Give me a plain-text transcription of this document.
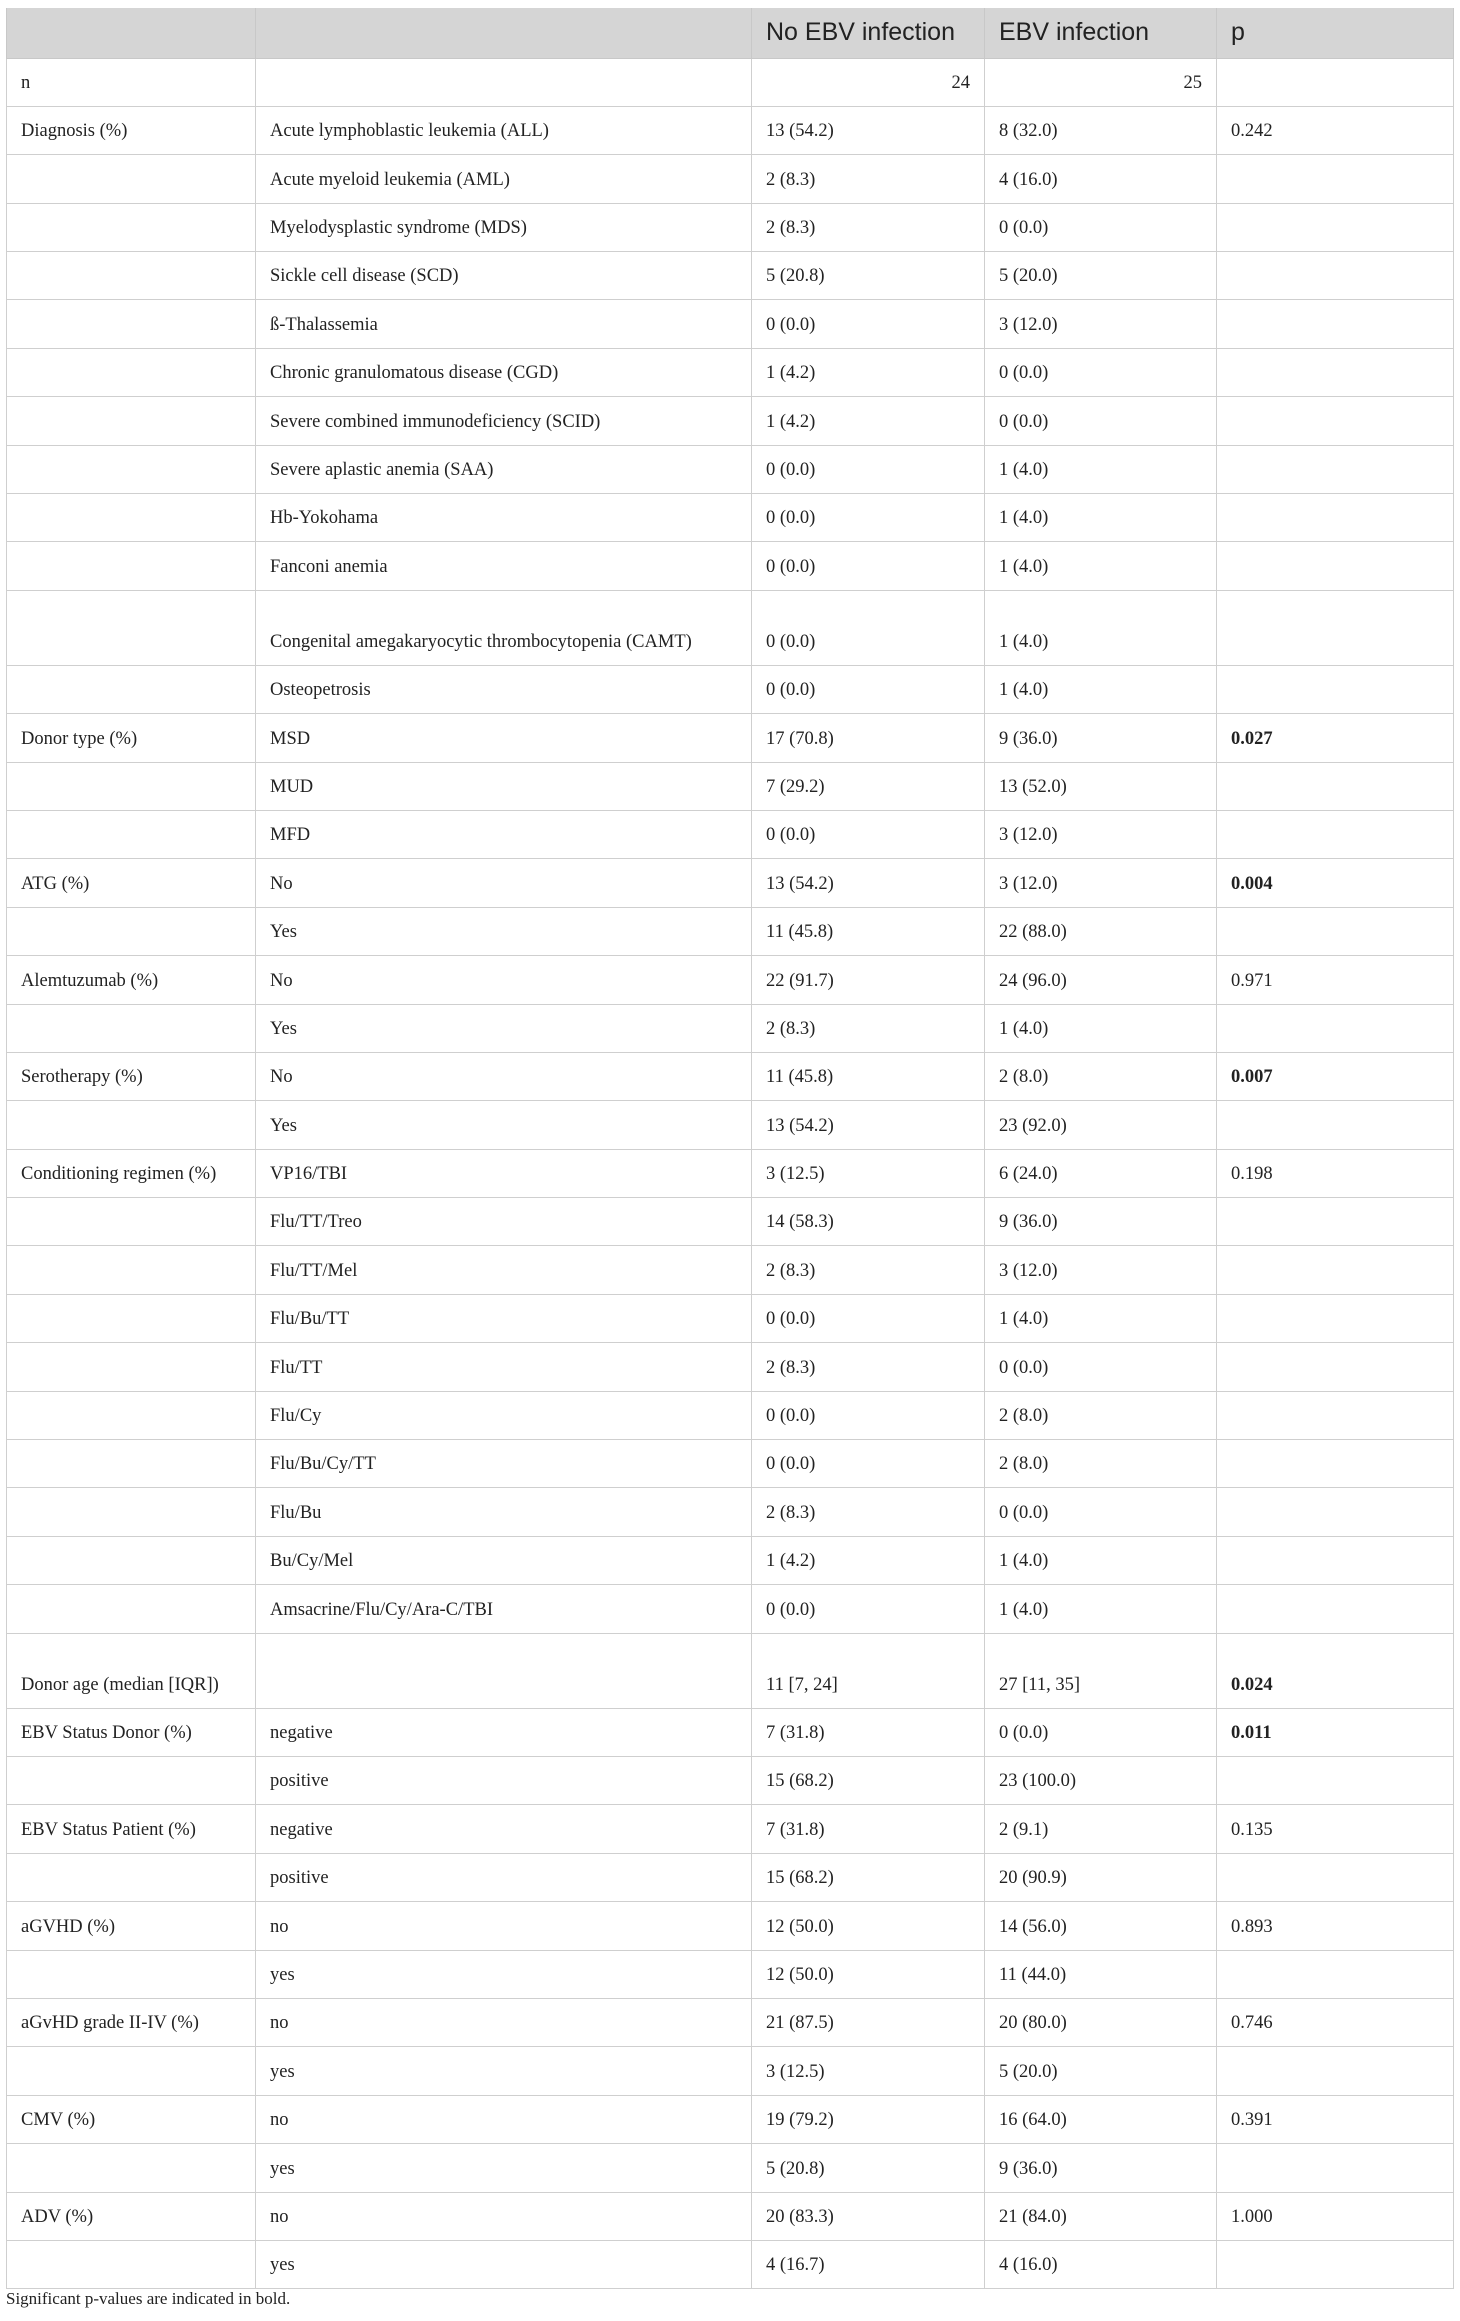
		No EBV infection	EBV infection	p
n		24	25	
Diagnosis (%)	Acute lymphoblastic leukemia (ALL)	13 (54.2)	8 (32.0)	0.242
	Acute myeloid leukemia (AML)	2 (8.3)	4 (16.0)	
	Myelodysplastic syndrome (MDS)	2 (8.3)	0 (0.0)	
	Sickle cell disease (SCD)	5 (20.8)	5 (20.0)	
	ß-Thalassemia	0 (0.0)	3 (12.0)	
	Chronic granulomatous disease (CGD)	1 (4.2)	0 (0.0)	
	Severe combined immunodeficiency (SCID)	1 (4.2)	0 (0.0)	
	Severe aplastic anemia (SAA)	0 (0.0)	1 (4.0)	
	Hb-Yokohama	0 (0.0)	1 (4.0)	
	Fanconi anemia	0 (0.0)	1 (4.0)	
	Congenital amegakaryocytic thrombocytopenia (CAMT)	0 (0.0)	1 (4.0)	
	Osteopetrosis	0 (0.0)	1 (4.0)	
Donor type (%)	MSD	17 (70.8)	9 (36.0)	0.027
	MUD	7 (29.2)	13 (52.0)	
	MFD	0 (0.0)	3 (12.0)	
ATG (%)	No	13 (54.2)	3 (12.0)	0.004
	Yes	11 (45.8)	22 (88.0)	
Alemtuzumab (%)	No	22 (91.7)	24 (96.0)	0.971
	Yes	2 (8.3)	1 (4.0)	
Serotherapy (%)	No	11 (45.8)	2 (8.0)	0.007
	Yes	13 (54.2)	23 (92.0)	
Conditioning regimen (%)	VP16/TBI	3 (12.5)	6 (24.0)	0.198
	Flu/TT/Treo	14 (58.3)	9 (36.0)	
	Flu/TT/Mel	2 (8.3)	3 (12.0)	
	Flu/Bu/TT	0 (0.0)	1 (4.0)	
	Flu/TT	2 (8.3)	0 (0.0)	
	Flu/Cy	0 (0.0)	2 (8.0)	
	Flu/Bu/Cy/TT	0 (0.0)	2 (8.0)	
	Flu/Bu	2 (8.3)	0 (0.0)	
	Bu/Cy/Mel	1 (4.2)	1 (4.0)	
	Amsacrine/Flu/Cy/Ara-C/TBI	0 (0.0)	1 (4.0)	
Donor age (median [IQR])		11 [7, 24]	27 [11, 35]	0.024
EBV Status Donor (%)	negative	7 (31.8)	0 (0.0)	0.011
	positive	15 (68.2)	23 (100.0)	
EBV Status Patient (%)	negative	7 (31.8)	2 (9.1)	0.135
	positive	15 (68.2)	20 (90.9)	
aGVHD (%)	no	12 (50.0)	14 (56.0)	0.893
	yes	12 (50.0)	11 (44.0)	
aGvHD grade II-IV (%)	no	21 (87.5)	20 (80.0)	0.746
	yes	3 (12.5)	5 (20.0)	
CMV (%)	no	19 (79.2)	16 (64.0)	0.391
	yes	5 (20.8)	9 (36.0)	
ADV (%)	no	20 (83.3)	21 (84.0)	1.000
	yes	4 (16.7)	4 (16.0)	
Significant p-values are indicated in bold.
